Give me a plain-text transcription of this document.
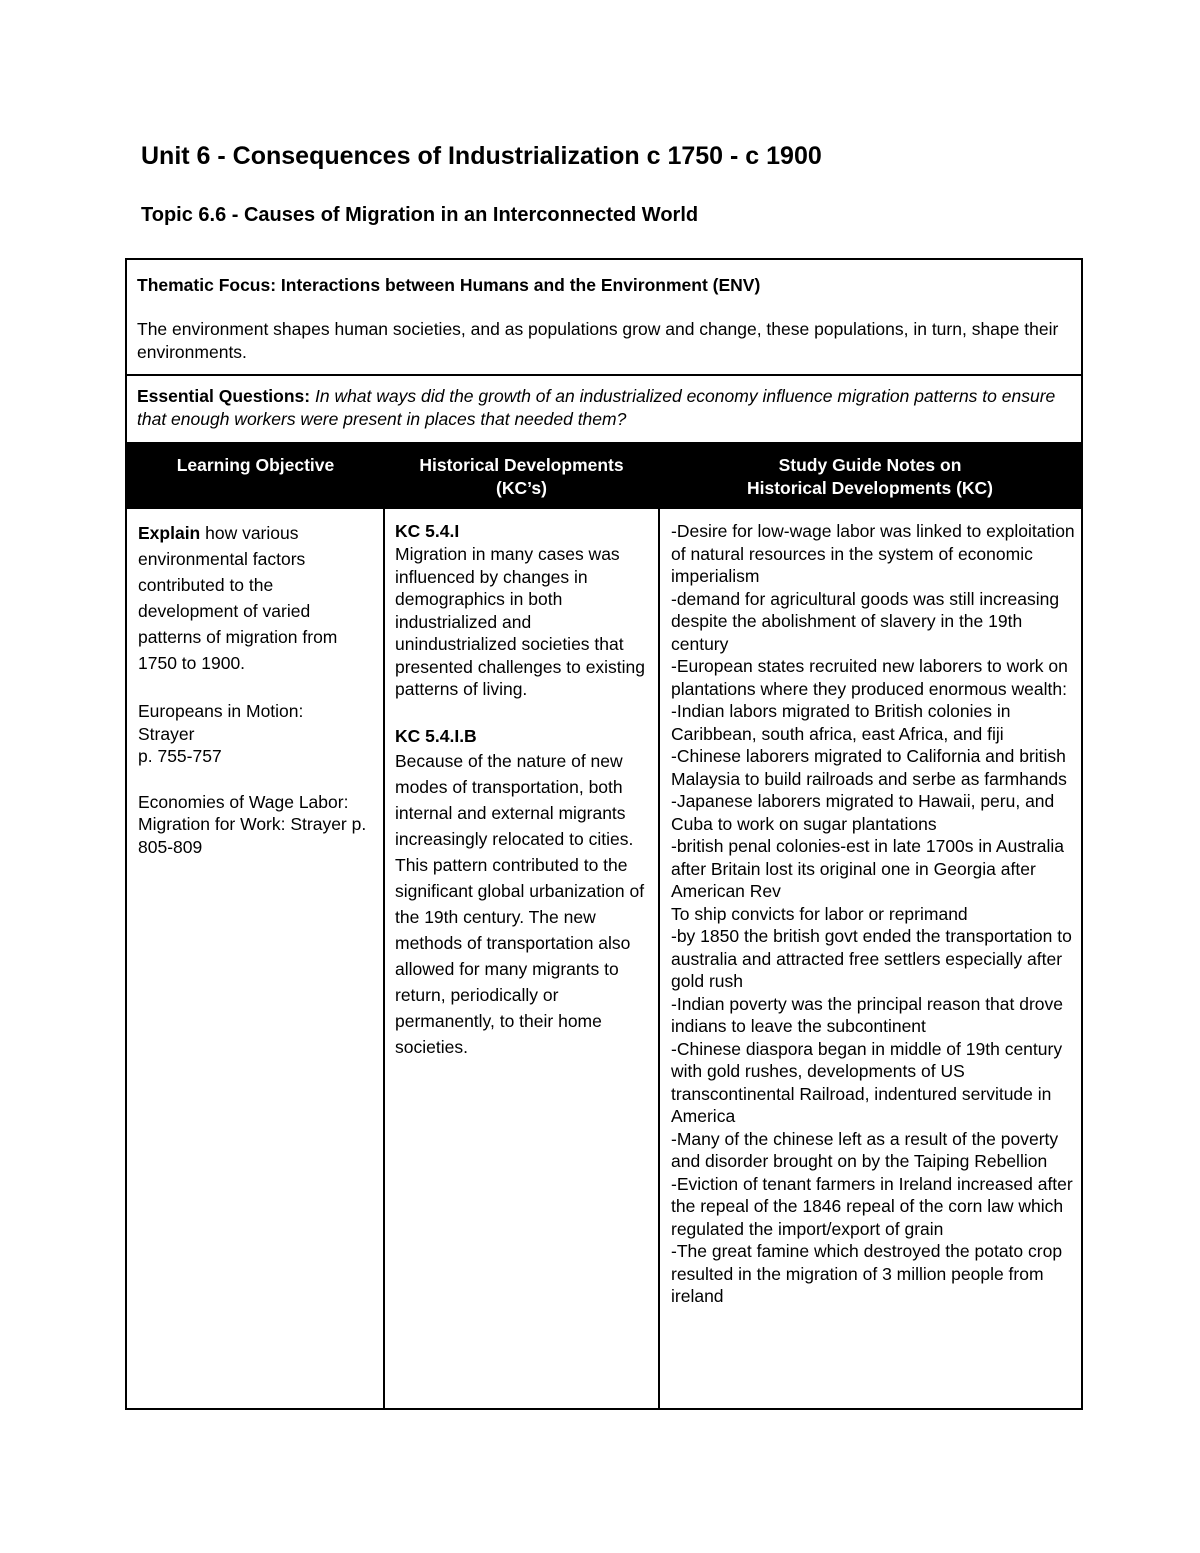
Unit 6 - Consequences of Industrialization c 1750 - c 1900
Topic 6.6 - Causes of Migration in an Interconnected World
Thematic Focus: Interactions between Humans and the Environment (ENV)
The environment shapes human societies, and as populations grow and change, these populations, in turn, shape their environments.
Essential Questions: In what ways did the growth of an industrialized economy influence migration patterns to ensure that enough workers were present in places that needed them?
Learning Objective	Historical Developments
(KC’s)
Study Guide Notes on
Historical Developments (KC)
Explain how various environmental factors contributed to the development of varied patterns of migration from 1750 to 1900.
Europeans in Motion:
Strayer
p. 755-757
Economies of Wage Labor: Migration for Work: Strayer p. 805-809
KC 5.4.I
Migration in many cases was influenced by changes in demographics in both industrialized and unindustrialized societies that presented challenges to existing patterns of living.
KC 5.4.I.B
Because of the nature of new modes of transportation, both internal and external migrants increasingly relocated to cities. This pattern contributed to the significant global urbanization of the 19th century. The new methods of transportation also allowed for many migrants to return, periodically or permanently, to their home societies.
-Desire for low-wage labor was linked to exploitation of natural resources in the system of economic imperialism
-demand for agricultural goods was still increasing despite the abolishment of slavery in the 19th century
-European states recruited new laborers to work on plantations where they produced enormous wealth:
-Indian labors migrated to British colonies in Caribbean, south africa, east Africa, and fiji
-Chinese laborers migrated to California and british Malaysia to build railroads and serbe as farmhands
-Japanese laborers migrated to Hawaii, peru, and Cuba to work on sugar plantations
-british penal colonies-est in late 1700s in Australia after Britain lost its original one in Georgia after American Rev
To ship convicts for labor or reprimand
-by 1850 the british govt ended the transportation to australia and attracted free settlers especially after gold rush
-Indian poverty was the principal reason that drove indians to leave the subcontinent
-Chinese diaspora began in middle of 19th century with gold rushes, developments of US transcontinental Railroad, indentured servitude in America
-Many of the chinese left as a result of the poverty and disorder brought on by the Taiping Rebellion
-Eviction of tenant farmers in Ireland increased after the repeal of the 1846 repeal of the corn law which regulated the import/export of grain
-The great famine which destroyed the potato crop resulted in the migration of 3 million people from ireland
